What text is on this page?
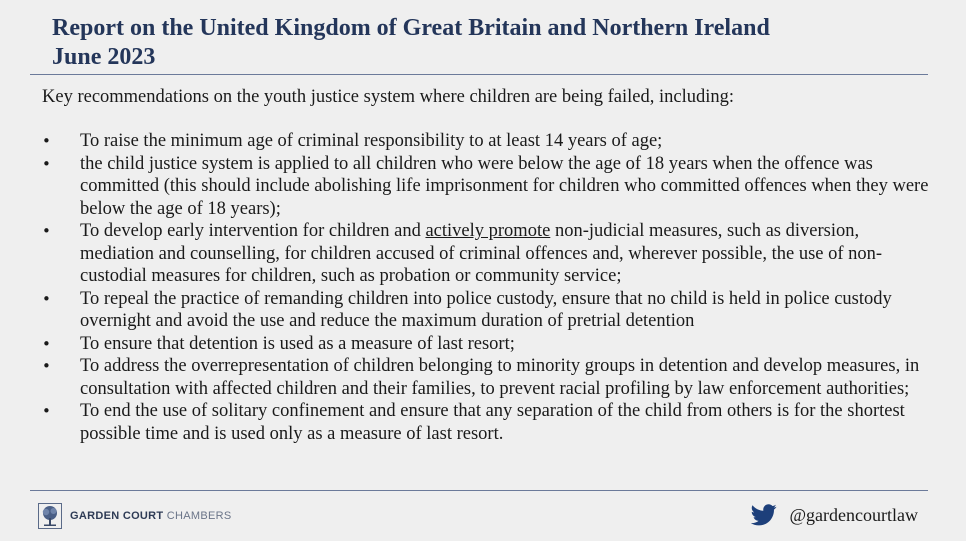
Report on the United Kingdom of Great Britain and Northern Ireland
June 2023
Key recommendations on the youth justice system where children are being failed, including:
•	To raise the minimum age of criminal responsibility to at least 14 years of age;
•	the child justice system is applied to all children who were below the age of 18 years when the offence was committed (this should include abolishing life imprisonment for children who committed offences when they were below the age of 18 years);
•	To develop early intervention for children and actively promote non-judicial measures, such as diversion, mediation and counselling, for children accused of criminal offences and, wherever possible, the use of non-custodial measures for children, such as probation or community service;
•	To repeal the practice of remanding children into police custody, ensure that no child is held in police custody overnight and avoid the use and reduce the maximum duration of pretrial detention
•	To ensure that detention is used as a measure of last resort;
•	To address the overrepresentation of children belonging to minority groups in detention and develop measures, in consultation with affected children and their families, to prevent racial profiling by law enforcement authorities;
•	To end the use of solitary confinement and ensure that any separation of the child from others is for the shortest possible time and is used only as a measure of last resort.
GARDEN COURT CHAMBERS	@gardencourtlaw
